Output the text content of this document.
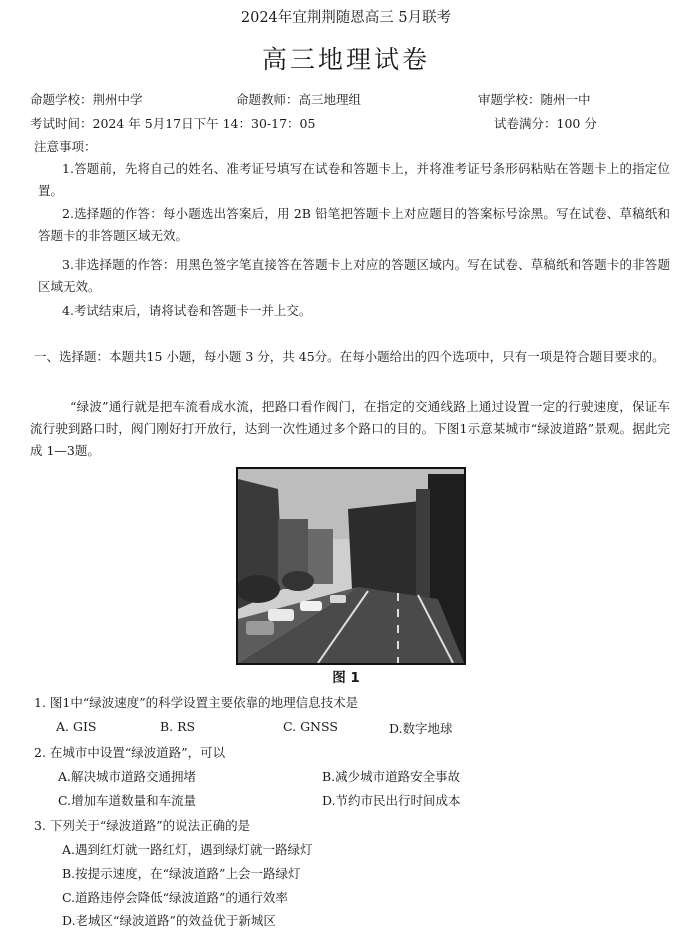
2024年宜荆荆随恩高三 5月联考
高三地理试卷
命题学校：荆州中学	命题教师：高三地理组	审题学校：随州一中
考试时间：2024 年 5月17日下午 14：30-17：05	试卷满分：100 分
注意事项：
1.答题前，先将自己的姓名、准考证号填写在试卷和答题卡上，并将准考证号条形码粘贴在答题卡上的指定位置。
2.选择题的作答：每小题选出答案后，用 2B 铅笔把答题卡上对应题目的答案标号涂黑。写在试卷、草稿纸和答题卡的非答题区域无效。
3.非选择题的作答：用黑色签字笔直接答在答题卡上对应的答题区域内。写在试卷、草稿纸和答题卡的非答题区域无效。
4.考试结束后，请将试卷和答题卡一并上交。
一、选择题：本题共15 小题，每小题 3 分，共 45分。在每小题给出的四个选项中，只有一项是符合题目要求的。
“绿波”通行就是把车流看成水流，把路口看作阀门，在指定的交通线路上通过设置一定的行驶速度，保证车流行驶到路口时，阀门刚好打开放行，达到一次性通过多个路口的目的。下图1示意某城市“绿波道路”景观。据此完成 1—3题。
图 1
1. 图1中“绿波速度”的科学设置主要依靠的地理信息技术是
A. GIS	B. RS	C. GNSS	D.数字地球
2. 在城市中设置“绿波道路”，可以
A.解决城市道路交通拥堵	B.减少城市道路安全事故
C.增加车道数量和车流量	D.节约市民出行时间成本
3. 下列关于“绿波道路”的说法正确的是
A.遇到红灯就一路红灯，遇到绿灯就一路绿灯
B.按提示速度，在“绿波道路”上会一路绿灯
C.道路违停会降低“绿波道路”的通行效率
D.老城区“绿波道路”的效益优于新城区
